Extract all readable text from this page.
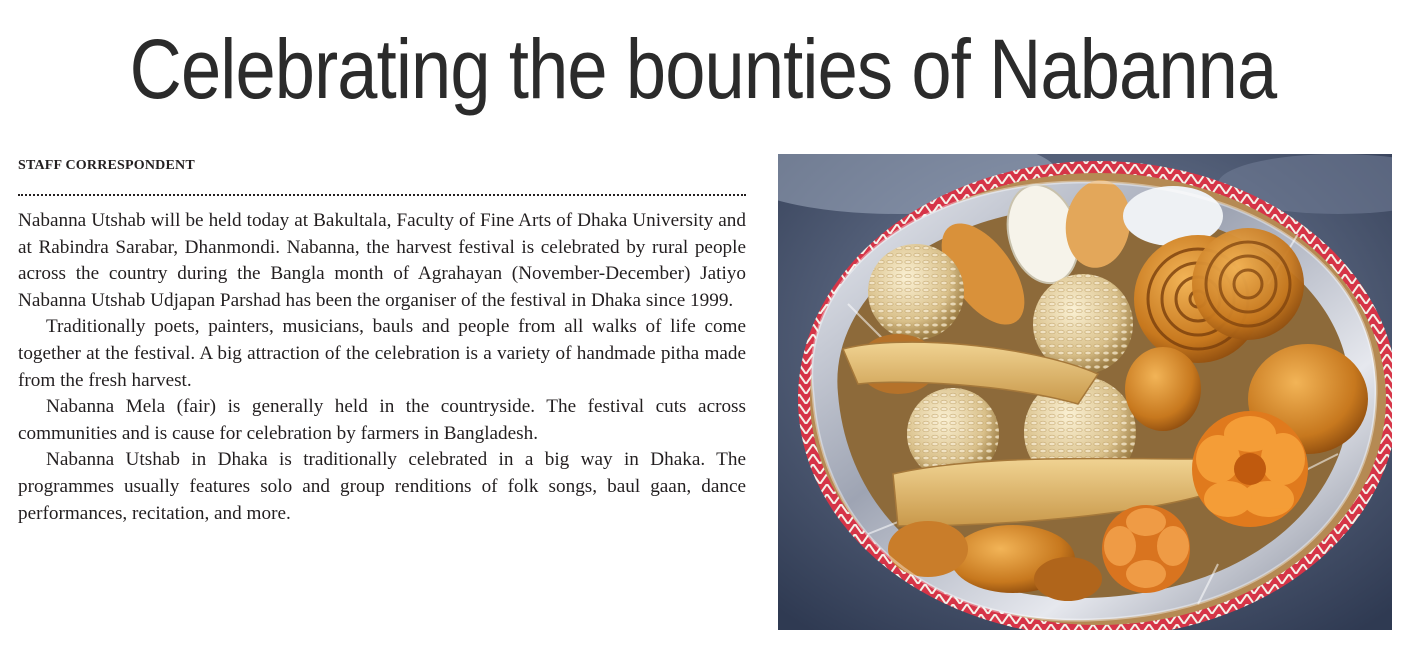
Celebrating the bounties of Nabanna
STAFF CORRESPONDENT

Nabanna Utshab will be held today at Bakultala, Faculty of Fine Arts of Dhaka University and at Rabindra Sarabar, Dhanmondi. Nabanna, the harvest festival is celebrated by rural people across the country during the Bangla month of Agrahayan (November-December) Jatiyo Nabanna Utshab Udjapan Parshad has been the organiser of the festival in Dhaka since 1999.

Traditionally poets, painters, musicians, bauls and people from all walks of life come together at the festival. A big attraction of the celebration is a variety of handmade pitha made from the fresh harvest.

Nabanna Mela (fair) is generally held in the countryside. The festival cuts across communities and is cause for celebration by farmers in Bangladesh.

Nabanna Utshab in Dhaka is traditionally celebrated in a big way in Dhaka. The programmes usually features solo and group renditions of folk songs, baul gaan, dance performances, recitation, and more.
